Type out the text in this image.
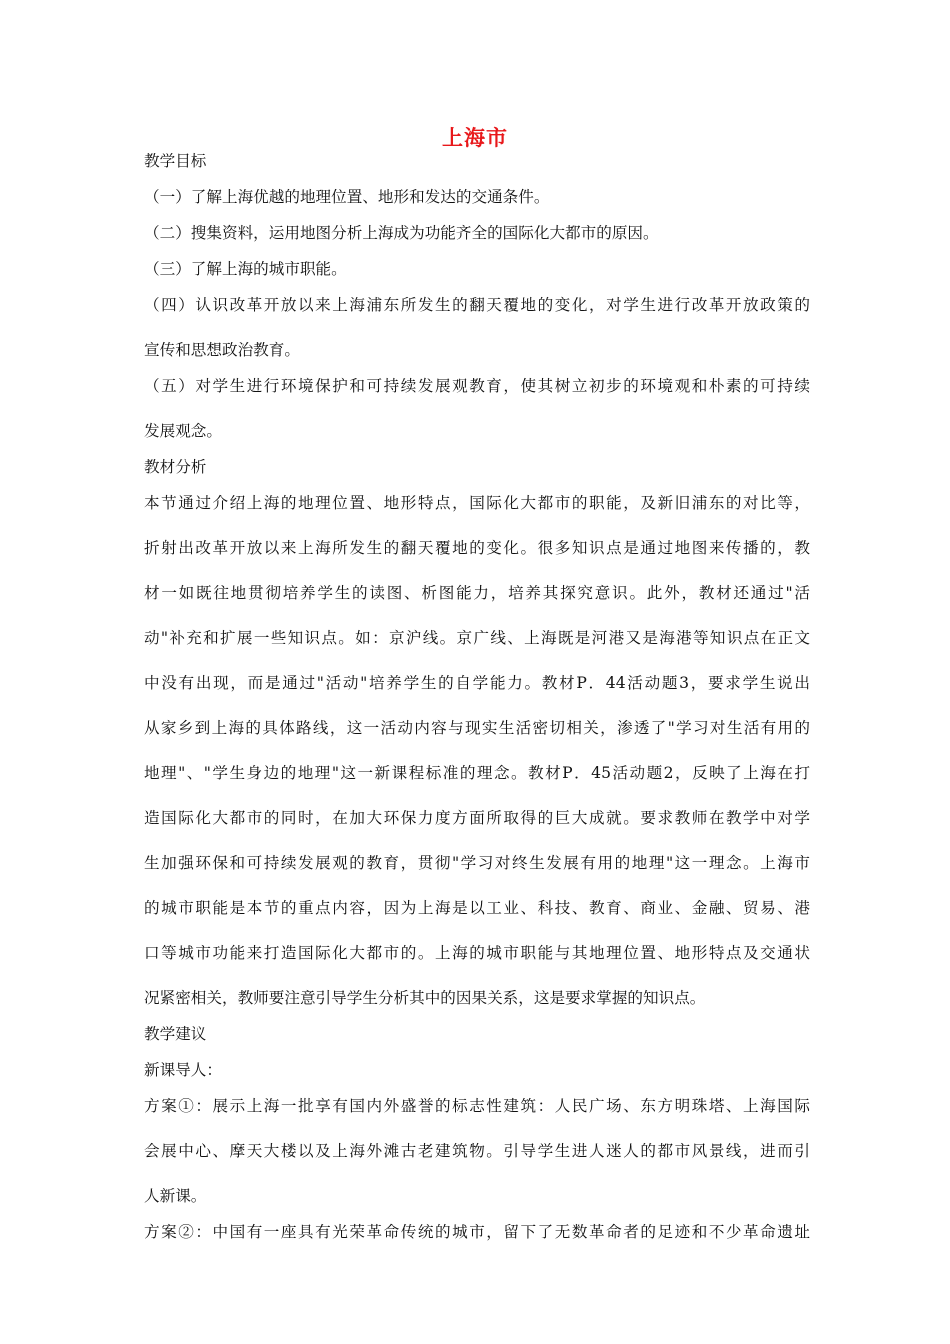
上海市
教学目标
（一）了解上海优越的地理位置、地形和发达的交通条件。
（二）搜集资料，运用地图分析上海成为功能齐全的国际化大都市的原因。
（三）了解上海的城市职能。
（四）认识改革开放以来上海浦东所发生的翻天覆地的变化，对学生进行改革开放政策的
宣传和思想政治教育。
（五）对学生进行环境保护和可持续发展观教育，使其树立初步的环境观和朴素的可持续
发展观念。
教材分析
本节通过介绍上海的地理位置、地形特点，国际化大都市的职能，及新旧浦东的对比等，
折射出改革开放以来上海所发生的翻天覆地的变化。很多知识点是通过地图来传播的，教
材一如既往地贯彻培养学生的读图、析图能力，培养其探究意识。此外，教材还通过"活
动"补充和扩展一些知识点。如：京沪线。京广线、上海既是河港又是海港等知识点在正文
中没有出现，而是通过"活动"培养学生的自学能力。教材P．44活动题3，要求学生说出
从家乡到上海的具体路线，这一活动内容与现实生活密切相关，渗透了"学习对生活有用的
地理"、"学生身边的地理"这一新课程标准的理念。教材P．45活动题2，反映了上海在打
造国际化大都市的同时，在加大环保力度方面所取得的巨大成就。要求教师在教学中对学
生加强环保和可持续发展观的教育，贯彻"学习对终生发展有用的地理"这一理念。上海市
的城市职能是本节的重点内容，因为上海是以工业、科技、教育、商业、金融、贸易、港
口等城市功能来打造国际化大都市的。上海的城市职能与其地理位置、地形特点及交通状
况紧密相关，教师要注意引导学生分析其中的因果关系，这是要求掌握的知识点。
教学建议
新课导人：
方案①：展示上海一批享有国内外盛誉的标志性建筑：人民广场、东方明珠塔、上海国际
会展中心、摩天大楼以及上海外滩古老建筑物。引导学生进人迷人的都市风景线，进而引
人新课。
方案②：中国有一座具有光荣革命传统的城市，留下了无数革命者的足迹和不少革命遗址
